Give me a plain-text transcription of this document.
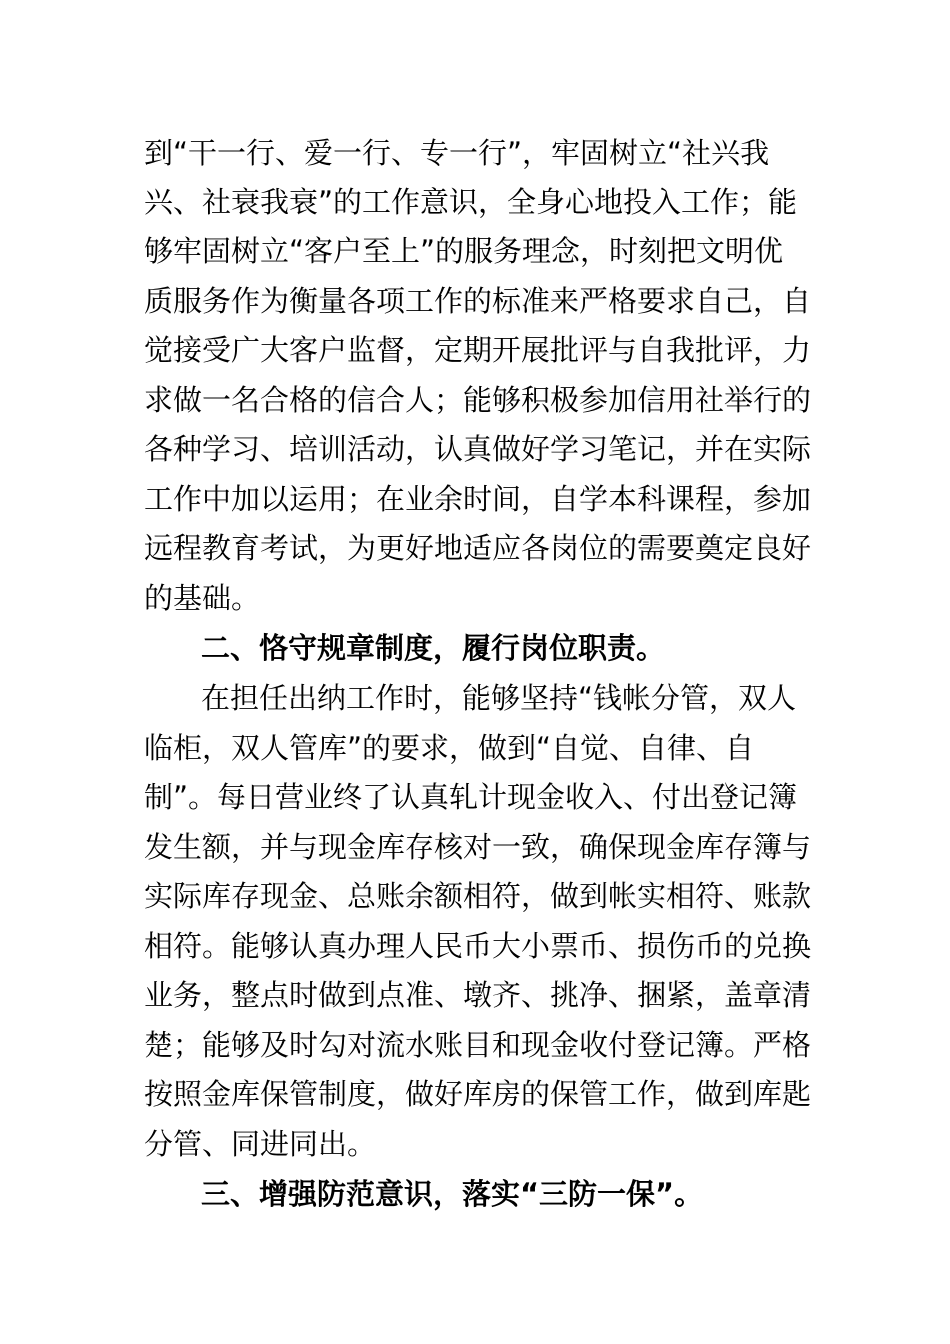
到“干一行、爱一行、专一行”，牢固树立“社兴我
兴、社衰我衰”的工作意识，全身心地投入工作；能
够牢固树立“客户至上”的服务理念，时刻把文明优
质服务作为衡量各项工作的标准来严格要求自己，自
觉接受广大客户监督，定期开展批评与自我批评，力
求做一名合格的信合人；能够积极参加信用社举行的
各种学习、培训活动，认真做好学习笔记，并在实际
工作中加以运用；在业余时间，自学本科课程，参加
远程教育考试，为更好地适应各岗位的需要奠定良好
的基础。
二、恪守规章制度，履行岗位职责。
在担任出纳工作时，能够坚持“钱帐分管，双人
临柜，双人管库”的要求，做到“自觉、自律、自
制”。每日营业终了认真轧计现金收入、付出登记簿
发生额，并与现金库存核对一致，确保现金库存簿与
实际库存现金、总账余额相符，做到帐实相符、账款
相符。能够认真办理人民币大小票币、损伤币的兑换
业务，整点时做到点准、墩齐、挑净、捆紧，盖章清
楚；能够及时勾对流水账目和现金收付登记簿。严格
按照金库保管制度，做好库房的保管工作，做到库匙
分管、同进同出。
三、增强防范意识，落实“三防一保”。
